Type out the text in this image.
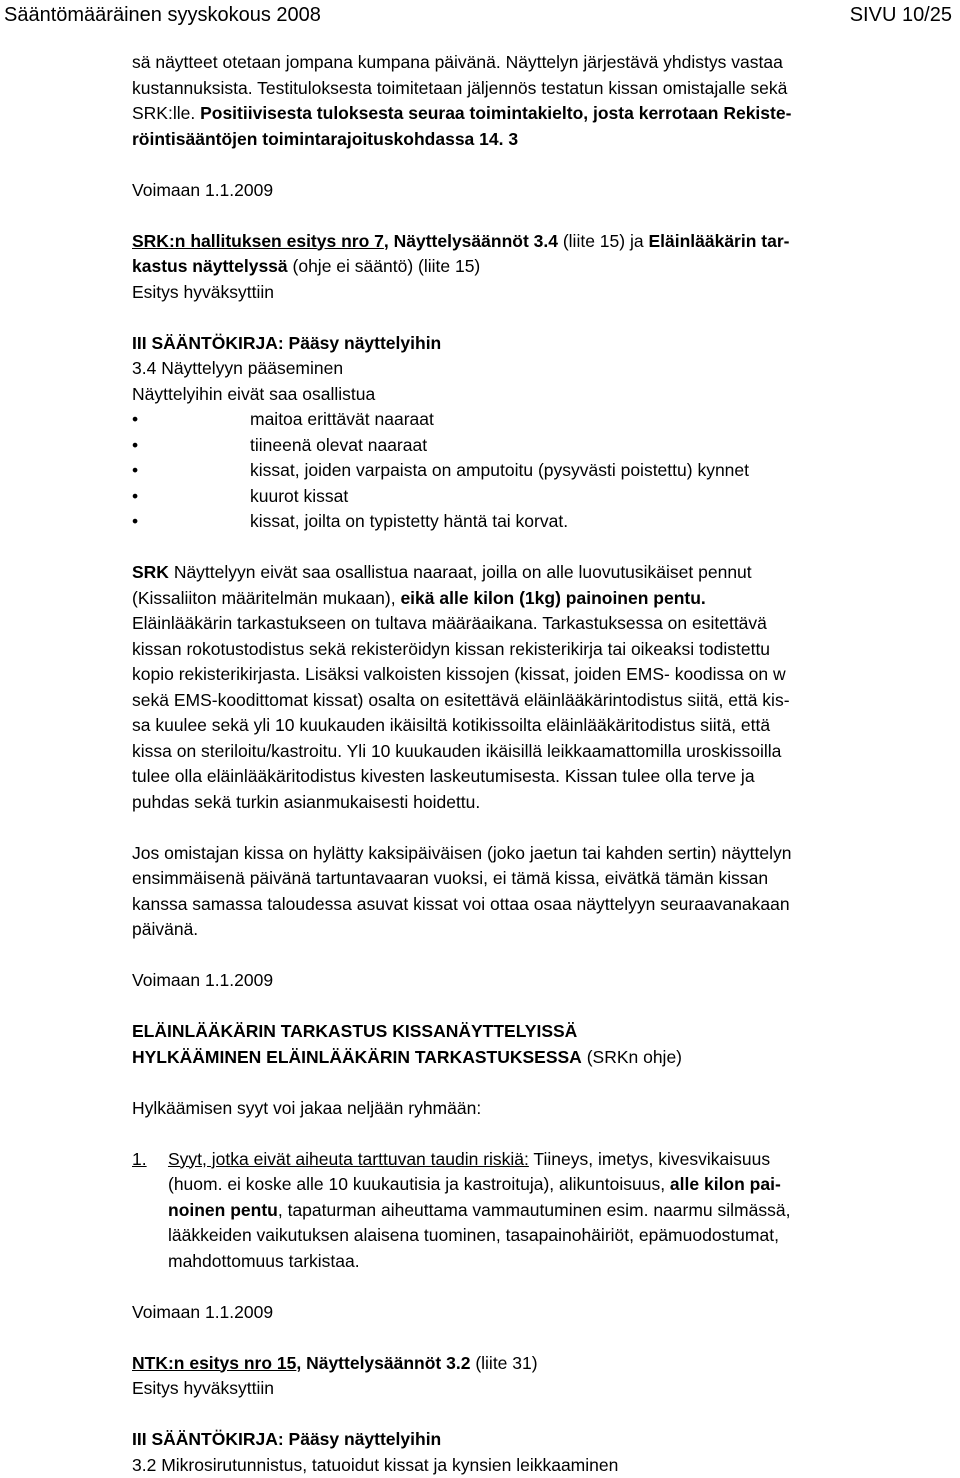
Sääntömääräinen syyskokous 2008	SIVU 10/25
sä näytteet otetaan jompana kumpana päivänä. Näyttelyn järjestävä yhdistys vastaa
kustannuksista. Testituloksesta toimitetaan jäljennös testatun kissan omistajalle sekä
SRK:lle. Positiivisesta tuloksesta seuraa toimintakielto, josta kerrotaan Rekiste-
röintisääntöjen toimintarajoituskohdassa 14. 3
Voimaan 1.1.2009
SRK:n hallituksen esitys nro 7, Näyttelysäännöt 3.4 (liite 15) ja Eläinlääkärin tar-
kastus näyttelyssä (ohje ei sääntö) (liite 15)
Esitys hyväksyttiin
III SÄÄNTÖKIRJA: Pääsy näyttelyihin
3.4 Näyttelyyn pääseminen
Näyttelyihin eivät saa osallistua
•	maitoa erittävät naaraat
•	tiineenä olevat naaraat
•	kissat, joiden varpaista on amputoitu (pysyvästi poistettu) kynnet
•	kuurot kissat
•	kissat, joilta on typistetty häntä tai korvat.
SRK Näyttelyyn eivät saa osallistua naaraat, joilla on alle luovutusikäiset pennut
(Kissaliiton määritelmän mukaan), eikä alle kilon (1kg) painoinen pentu.
Eläinlääkärin tarkastukseen on tultava määräaikana. Tarkastuksessa on esitettävä
kissan rokotustodistus sekä rekisteröidyn kissan rekisterikirja tai oikeaksi todistettu
kopio rekisterikirjasta. Lisäksi valkoisten kissojen (kissat, joiden EMS- koodissa on w
sekä EMS-koodittomat kissat) osalta on esitettävä eläinlääkärintodistus siitä, että kis-
sa kuulee sekä yli 10 kuukauden ikäisiltä kotikissoilta eläinlääkäritodistus siitä, että
kissa on steriloitu/kastroitu. Yli 10 kuukauden ikäisillä leikkaamattomilla uroskissoilla
tulee olla eläinlääkäritodistus kivesten laskeutumisesta. Kissan tulee olla terve ja
puhdas sekä turkin asianmukaisesti hoidettu.
Jos omistajan kissa on hylätty kaksipäiväisen (joko jaetun tai kahden sertin) näyttelyn
ensimmäisenä päivänä tartuntavaaran vuoksi, ei tämä kissa, eivätkä tämän kissan
kanssa samassa taloudessa asuvat kissat voi ottaa osaa näyttelyyn seuraavanakaan
päivänä.
Voimaan 1.1.2009
ELÄINLÄÄKÄRIN TARKASTUS KISSANÄYTTELYISSÄ
HYLKÄÄMINEN ELÄINLÄÄKÄRIN TARKASTUKSESSA (SRKn ohje)
Hylkäämisen syyt voi jakaa neljään ryhmään:
1. Syyt, jotka eivät aiheuta tarttuvan taudin riskiä: Tiineys, imetys, kivesvikaisuus
(huom. ei koske alle 10 kuukautisia ja kastroituja), alikuntoisuus, alle kilon pai-
noinen pentu, tapaturman aiheuttama vammautuminen esim. naarmu silmässä,
lääkkeiden vaikutuksen alaisena tuominen, tasapainohäiriöt, epämuodostumat,
mahdottomuus tarkistaa.
Voimaan 1.1.2009
NTK:n esitys nro 15, Näyttelysäännöt 3.2 (liite 31)
Esitys hyväksyttiin
III SÄÄNTÖKIRJA: Pääsy näyttelyihin
3.2 Mikrosirutunnistus, tatuoidut kissat ja kynsien leikkaaminen
